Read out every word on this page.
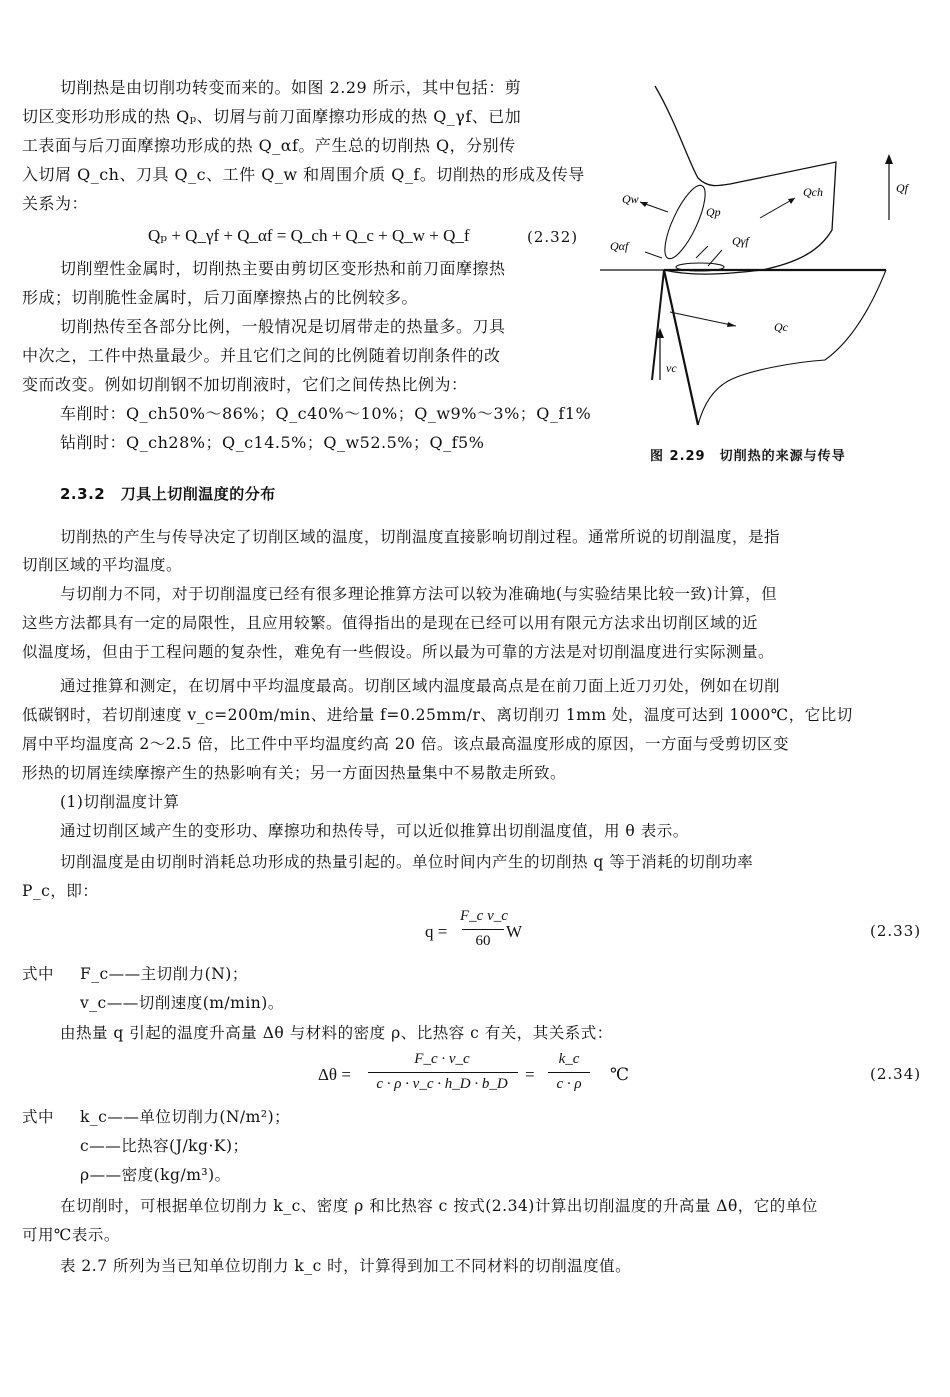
切削热是由切削功转变而来的。如图 2.29 所示，其中包括：剪
切区变形功形成的热 Qₚ、切屑与前刀面摩擦功形成的热 Q_γf、已加
工表面与后刀面摩擦功形成的热 Q_αf。产生总的切削热 Q，分别传
入切屑 Q_ch、刀具 Q_c、工件 Q_w 和周围介质 Q_f。切削热的形成及传导
关系为：
Qₚ + Q_γf + Q_αf = Q_ch + Q_c + Q_w + Q_f	(2.32)
切削塑性金属时，切削热主要由剪切区变形热和前刀面摩擦热
形成；切削脆性金属时，后刀面摩擦热占的比例较多。
切削热传至各部分比例，一般情况是切屑带走的热量多。刀具
中次之，工件中热量最少。并且它们之间的比例随着切削条件的改
变而改变。例如切削钢不加切削液时，它们之间传热比例为：
车削时：Q_ch50%～86%；Q_c40%～10%；Q_w9%～3%；Q_f1%
钻削时：Q_ch28%；Q_c14.5%；Q_w52.5%；Q_f5%
Qw
Qp
Qch	Qf
Qαf	Qγf
Qc
vc
图 2.29　切削热的来源与传导
2.3.2　刀具上切削温度的分布
切削热的产生与传导决定了切削区域的温度，切削温度直接影响切削过程。通常所说的切削温度，是指
切削区域的平均温度。
与切削力不同，对于切削温度已经有很多理论推算方法可以较为准确地(与实验结果比较一致)计算，但
这些方法都具有一定的局限性，且应用较繁。值得指出的是现在已经可以用有限元方法求出切削区域的近
似温度场，但由于工程问题的复杂性，难免有一些假设。所以最为可靠的方法是对切削温度进行实际测量。
通过推算和测定，在切屑中平均温度最高。切削区域内温度最高点是在前刀面上近刀刃处，例如在切削
低碳钢时，若切削速度 v_c=200m/min、进给量 f=0.25mm/r、离切削刃 1mm 处，温度可达到 1000℃，它比切
屑中平均温度高 2～2.5 倍，比工件中平均温度约高 20 倍。该点最高温度形成的原因，一方面与受剪切区变
形热的切屑连续摩擦产生的热影响有关；另一方面因热量集中不易散走所致。
(1)切削温度计算
通过切削区域产生的变形功、摩擦功和热传导，可以近似推算出切削温度值，用 θ 表示。
切削温度是由切削时消耗总功形成的热量引起的。单位时间内产生的切削热 q 等于消耗的切削功率
P_c，即：
q =
F_c v_c
60 W	(2.33)
式中 F_c——主切削力(N)；
v_c——切削速度(m/min)。
由热量 q 引起的温度升高量 Δθ 与材料的密度 ρ、比热容 c 有关，其关系式：
Δθ =
F_c · v_c
c · ρ · v_c · h_D · b_D	=
k_c
c · ρ	℃	(2.34)
式中 k_c——单位切削力(N/m²)；
c——比热容(J/kg·K)；
ρ——密度(kg/m³)。
在切削时，可根据单位切削力 k_c、密度 ρ 和比热容 c 按式(2.34)计算出切削温度的升高量 Δθ，它的单位
可用℃表示。
表 2.7 所列为当已知单位切削力 k_c 时，计算得到加工不同材料的切削温度值。
